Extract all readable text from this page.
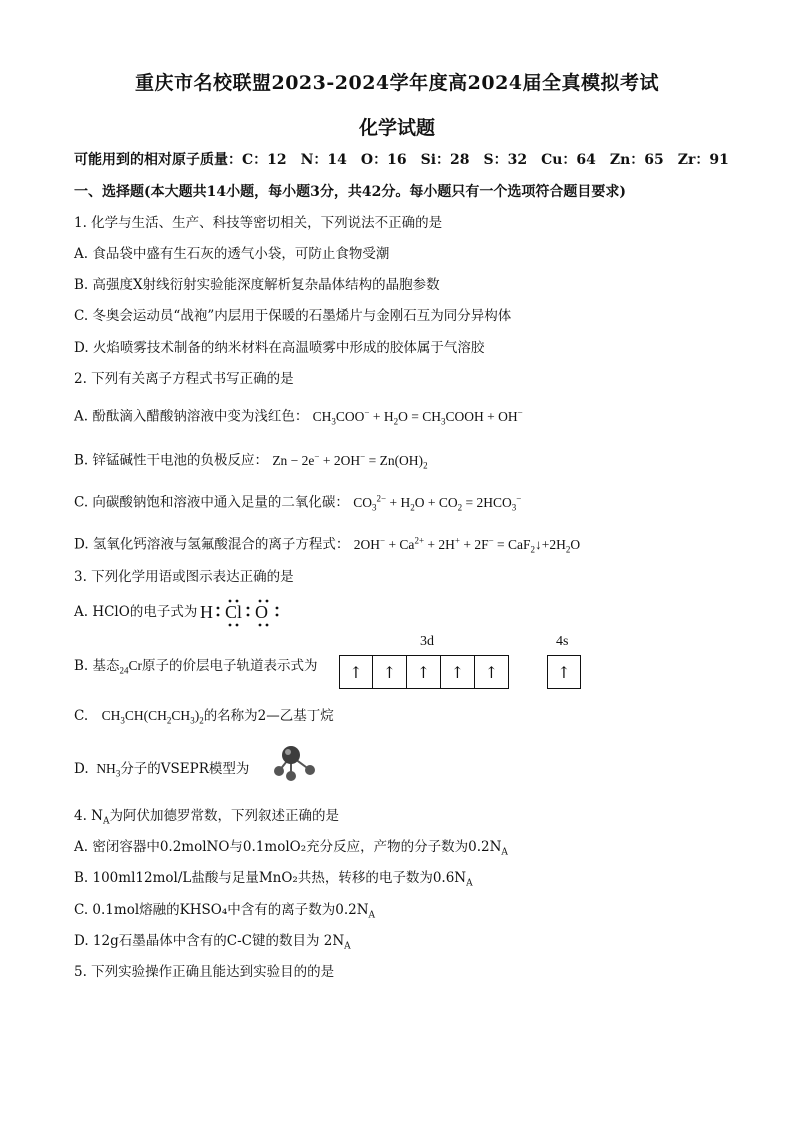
重庆市名校联盟2023-2024学年度高2024届全真模拟考试
化学试题
可能用到的相对原子质量：C：12　N：14　O：16　Si：28　S：32　Cu：64　Zn：65　Zr：91
一、选择题(本大题共14小题，每小题3分，共42分。每小题只有一个选项符合题目要求)
1. 化学与生活、生产、科技等密切相关，下列说法不正确的是
A. 食品袋中盛有生石灰的透气小袋，可防止食物受潮
B. 高强度X射线衍射实验能深度解析复杂晶体结构的晶胞参数
C. 冬奥会运动员“战袍”内层用于保暖的石墨烯片与金刚石互为同分异构体
D. 火焰喷雾技术制备的纳米材料在高温喷雾中形成的胶体属于气溶胶
2. 下列有关离子方程式书写正确的是
A. 酚酞滴入醋酸钠溶液中变为浅红色： $CH_3COO^- + H_2O$ = $CH_3COOH + OH^-$
B. 锌锰碱性干电池的负极反应： $Zn - 2e^- + 2OH^- = Zn(OH)_2$
C. 向碳酸钠饱和溶液中通入足量的二氧化碳： $CO_3^{2-} + H_2O + CO_2 = 2HCO_3^-$
D. 氢氧化钙溶液与氢氟酸混合的离子方程式： $2OH^- + Ca^{2+} + 2H^+ + 2F^-$ = $CaF_2↓+2H_2O$
3. 下列化学用语或图示表达正确的是
A. HClO的电子式为 H Cl O
3d	4s
B. 基态$_{24}$Cr原子的价层电子轨道表示式为	↑	↑	↑	↑	↑	↑
C.　$CH_3CH(CH_2CH_3)_2$的名称为2—乙基丁烷
D.  $NH_3$分子的VSEPR模型为
4. $N_A$为阿伏加德罗常数，下列叙述正确的是
A. 密闭容器中0.2molNO与0.1molO₂充分反应，产物的分子数为$0.2N_A$
B. 100ml12mol/L盐酸与足量MnO₂共热，转移的电子数为$0.6N_A$
C. 0.1mol熔融的KHSO₄中含有的离子数为$0.2N_A$
D. 12g石墨晶体中含有的C-C键的数目为 $2N_A$
5. 下列实验操作正确且能达到实验目的的是
